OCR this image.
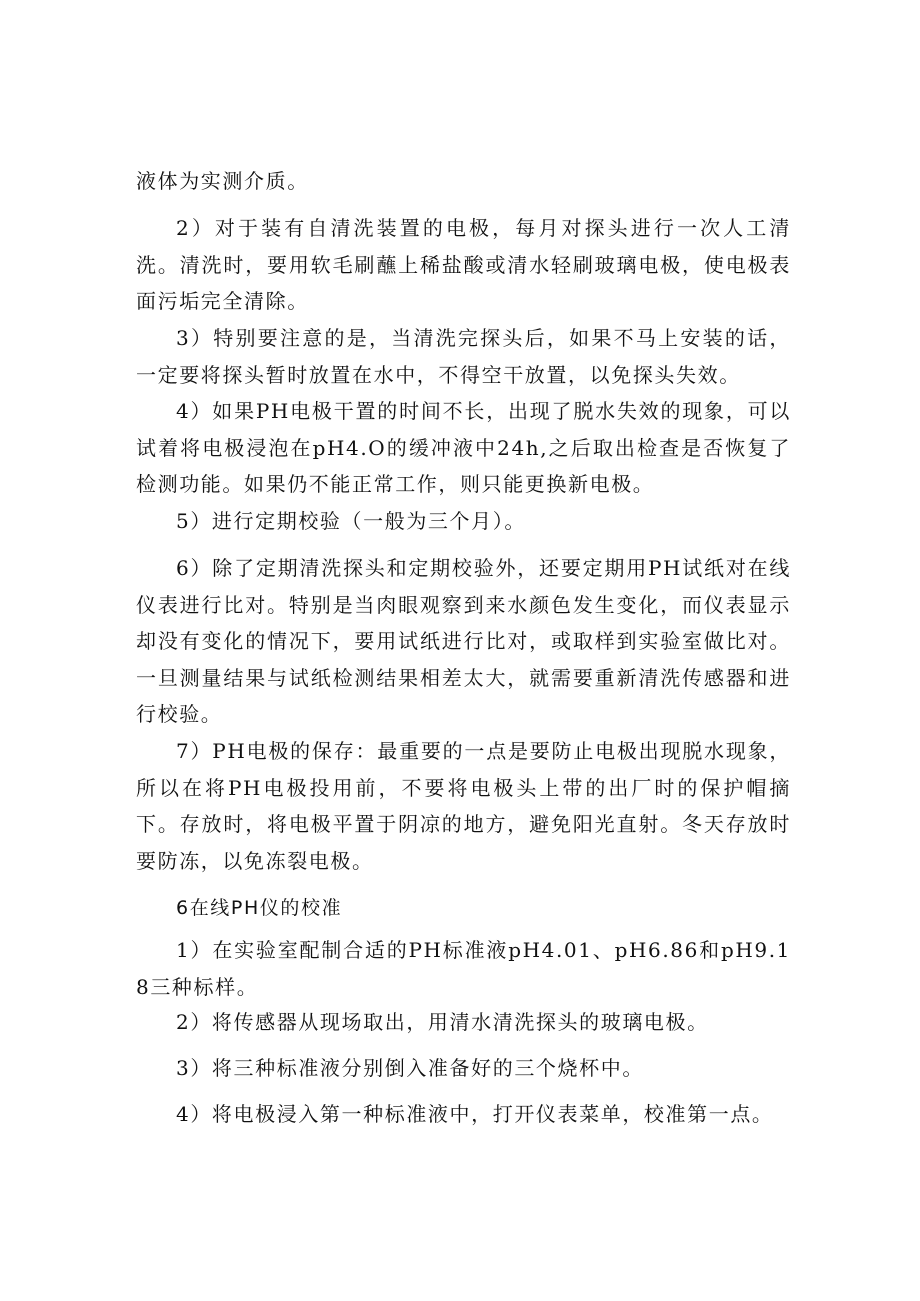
液体为实测介质。

2）对于装有自清洗装置的电极，每月对探头进行一次人工清洗。清洗时，要用软毛刷蘸上稀盐酸或清水轻刷玻璃电极，使电极表面污垢完全清除。

3）特别要注意的是，当清洗完探头后，如果不马上安装的话，一定要将探头暂时放置在水中，不得空干放置，以免探头失效。

4）如果PH电极干置的时间不长，出现了脱水失效的现象，可以试着将电极浸泡在pH4.O的缓冲液中24h,之后取出检查是否恢复了检测功能。如果仍不能正常工作，则只能更换新电极。

5）进行定期校验（一般为三个月）。

6）除了定期清洗探头和定期校验外，还要定期用PH试纸对在线仪表进行比对。特别是当肉眼观察到来水颜色发生变化，而仪表显示却没有变化的情况下，要用试纸进行比对，或取样到实验室做比对。一旦测量结果与试纸检测结果相差太大，就需要重新清洗传感器和进行校验。

7）PH电极的保存：最重要的一点是要防止电极出现脱水现象，所以在将PH电极投用前，不要将电极头上带的出厂时的保护帽摘下。存放时，将电极平置于阴凉的地方，避免阳光直射。冬天存放时要防冻，以免冻裂电极。

6在线PH仪的校准

1）在实验室配制合适的PH标准液pH4.01、pH6.86和pH9.18三种标样。

2）将传感器从现场取出，用清水清洗探头的玻璃电极。

3）将三种标准液分别倒入准备好的三个烧杯中。

4）将电极浸入第一种标准液中，打开仪表菜单，校准第一点。
